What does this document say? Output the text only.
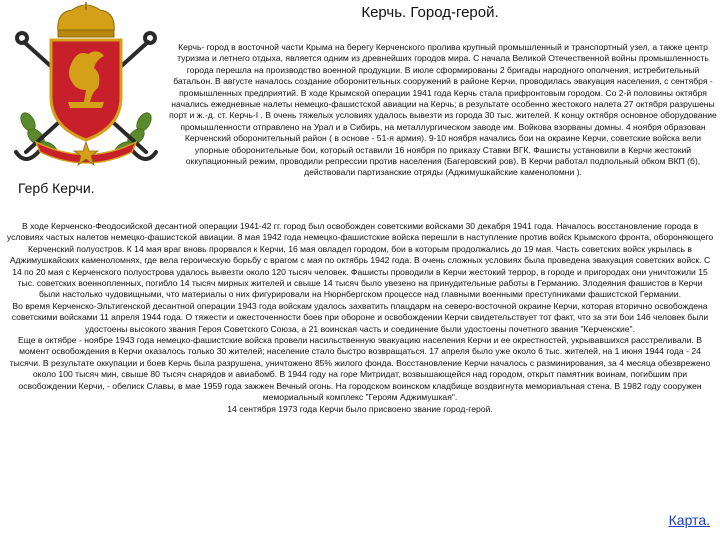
Герб Керчи.
Керчь. Город-герой.

Керчь- город в восточной части Крыма на берегу Керченского пролива крупный промышленный и транспортный узел, а также центр туризма и летнего отдыха, является одним из древнейших городов мира. С начала Великой Отечественной войны промышленность города перешла на производство военной продукции. В июле сформированы 2 бригады народного ополчения, истребительный батальон. В августе началось создание оборонительных сооружений в районе Керчи, проводилась эвакуация населения, с сентября - промышленных предприятий. В ходе Крымской операции 1941 года Керчь стала прифронтовым городом. Со 2-й половины октября начались ежедневные налеты немецко-фашистской авиации на Керчь; в результате особенно жестокого налета 27 октября разрушены порт и ж.-д. ст. Керчь-I . В очень тяжелых условиях удалось вывезти из города 30 тыс. жителей. К концу октября основное оборудование промышленности отправлено на Урал и в Сибирь, на металлургическом заводе им. Войкова взорваны домны. 4 ноября образован Керченский оборонительный район ( в основе - 51-я армия). 9-10 ноября начались бои на окраине Керчи, советские войска вели упорные оборонительные бои, который оставили 16 ноября по приказу Ставки ВГК. Фашисты установили в Керчи жестокий оккупационный режим, проводили репрессии против населения (Багеровский ров). В Керчи работал подпольный обком ВКП (б), действовали партизанские отряды (Аджимушкайские каменоломни ).

В ходе Керченско-Феодосийской десантной операции 1941-42 гг. город был освобожден советскими войсками 30 декабря 1941 года. Началось восстановление города в условиях частых налетов немецко-фашистской авиации. 8 мая 1942 года немецко-фашистские войска перешли в наступление против войск Крымского фронта, обороняющего Керченский полуостров. К 14 мая враг вновь прорвался к Керчи, 16 мая овладел городом, бои в которым продолжались до 19 мая. Часть советских войск укрылась в Аджимушкайских каменоломнях, где вела героическую борьбу с врагом с мая по октябрь 1942 года. В очень сложных условиях была проведена эвакуация советских войск. С 14 по 20 мая с Керченского полуострова удалось вывезти около 120 тысяч человек. Фашисты проводили в Керчи жестокий террор, в городе и пригородах они уничтожили 15 тыс. советских военнопленных, погибло 14 тысяч мирных жителей и свыше 14 тысяч было увезено на принудительные работы в Германию. Злодеяния фашистов в Керчи были настолько чудовищными, что материалы о них фигурировали на Нюрнбергском процессе над главными военными преступниками фашистской Германии.

Во время Керченско-Эльтигенской десантной операции 1943 года войскам удалось захватить плацдарм на северо-восточной окраине Керчи, которая вторично освобождена советскими войсками 11 апреля 1944 года. О тяжести и ожесточенности боев при обороне и освобождении Керчи свидетельствует тот факт, что за эти бои 146 человек были удостоены высокого звания Героя Советского Союза, а 21 воинская часть и соединение были удостоены почетного звания "Керченские".

Еще в октябре - ноябре 1943 года немецко-фашистские войска провели насильственную эвакуацию населения Керчи и ее окрестностей, укрывавшихся расстреливали. В момент освобождения в Керчи оказалось только 30 жителей; население стало быстро возвращаться. 17 апреля было уже около 6 тыс. жителей, на 1 июня 1944 года - 24 тысячи. В результате оккупации и боев Керчь была разрушена, уничтожено 85% жилого фонда. Восстановление Керчи началось с разминирования, за 4 месяца обезврежено около 100 тысяч мин, свыше 80 тысяч снарядов и авиабомб. В 1944 году на горе Митридат, возвышающейся над городом, открыт памятник воинам, погибшим при освобождении Керчи, - обелиск Славы, в мае 1959 года зажжен Вечный огонь. На городском воинском кладбище воздвигнута мемориальная стена. В 1982 году сооружен мемориальный комплекс "Героям Аджимушкая".

14 сентября 1973 года Керчи было присвоено звание город-герой.

Карта.
